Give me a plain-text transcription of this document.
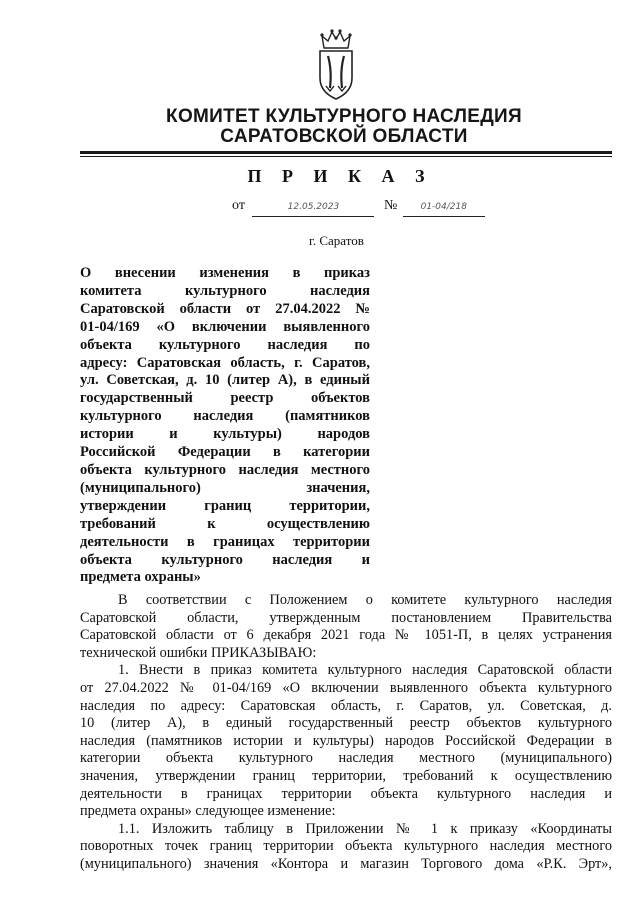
КОМИТЕТ КУЛЬТУРНОГО НАСЛЕДИЯ
САРАТОВСКОЙ ОБЛАСТИ
П Р И К А З
от	12.05.2023	№	01-04/218
г. Саратов
О внесении изменения в приказ
комитета культурного наследия
Саратовской области от 27.04.2022 №
01-04/169 «О включении выявленного
объекта культурного наследия по
адресу: Саратовская область, г. Саратов,
ул. Советская, д. 10 (литер А), в единый
государственный реестр объектов
культурного наследия (памятников
истории и культуры) народов
Российской Федерации в категории
объекта культурного наследия местного
(муниципального) значения,
утверждении границ территории,
требований к осуществлению
деятельности в границах территории
объекта культурного наследия и
предмета охраны»
В соответствии с Положением о комитете культурного наследия
Саратовской области, утвержденным постановлением Правительства
Саратовской области от 6 декабря 2021 года № 1051-П, в целях устранения
технической ошибки ПРИКАЗЫВАЮ:
1. Внести в приказ комитета культурного наследия Саратовской области
от 27.04.2022 № 01-04/169 «О включении выявленного объекта культурного
наследия по адресу: Саратовская область, г. Саратов, ул. Советская, д.
10 (литер А), в единый государственный реестр объектов культурного
наследия (памятников истории и культуры) народов Российской Федерации в
категории объекта культурного наследия местного (муниципального)
значения, утверждении границ территории, требований к осуществлению
деятельности в границах территории объекта культурного наследия и
предмета охраны» следующее изменение:
1.1. Изложить таблицу в Приложении № 1 к приказу «Координаты
поворотных точек границ территории объекта культурного наследия местного
(муниципального) значения «Контора и магазин Торгового дома «Р.К. Эрт»,
